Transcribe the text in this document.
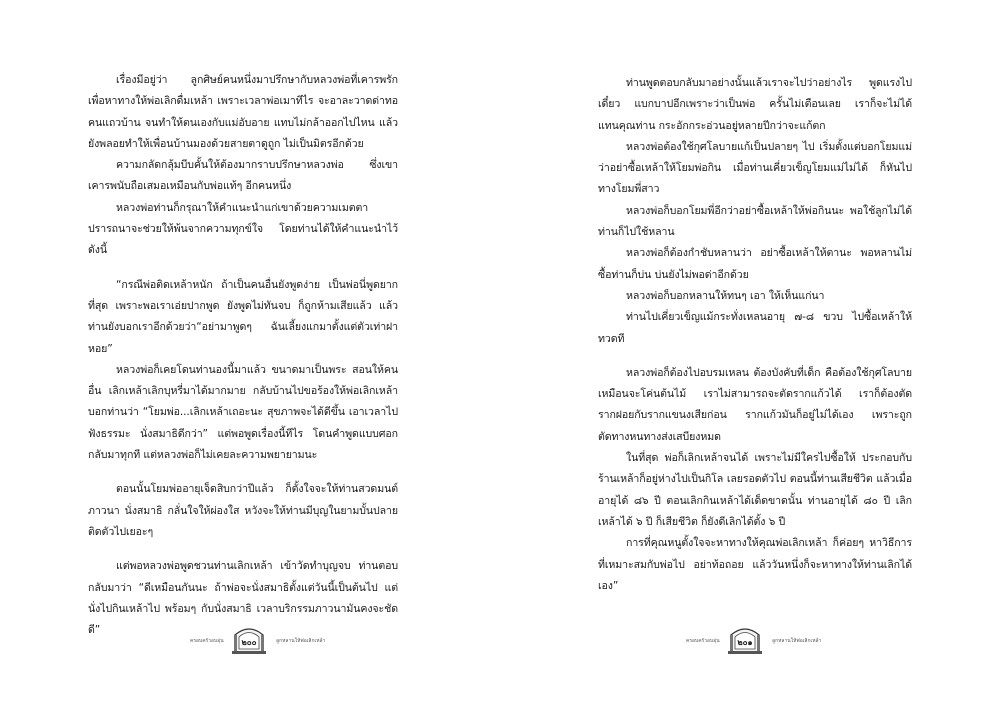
เรื่องมีอยู่ว่า ลูกศิษย์คนหนึ่งมาปรึกษากับหลวงพ่อที่เคารพรัก เพื่อหาทางให้พ่อเลิกดื่มเหล้า เพราะเวลาพ่อเมาทีไร จะอาละวาดด่าทอคนแถวบ้าน จนทำให้ตนเองกับแม่อับอาย แทบไม่กล้าออกไปไหน แล้วยังพลอยทำให้เพื่อนบ้านมองด้วยสายตาดูถูก ไม่เป็นมิตรอีกด้วย

ความกลัดกลุ้มบีบคั้นให้ต้องมากราบปรึกษาหลวงพ่อ ซึ่งเขาเคารพนับถือเสมอเหมือนกับพ่อแท้ๆ อีกคนหนึ่ง

หลวงพ่อท่านก็กรุณาให้คำแนะนำแก่เขาด้วยความเมตตาปรารถนาจะช่วยให้พ้นจากความทุกข์ใจ โดยท่านได้ให้คำแนะนำไว้ดังนี้

“กรณีพ่อติดเหล้าหนัก ถ้าเป็นคนอื่นยังพูดง่าย เป็นพ่อนี่พูดยากที่สุด เพราะพอเราเอ่ยปากพูด ยังพูดไม่ทันจบ ก็ถูกห้ามเสียแล้ว แล้วท่านยังบอกเราอีกด้วยว่า“อย่ามาพูดๆ ฉันเลี้ยงแกมาตั้งแต่ตัวเท่าฝาหอย”

หลวงพ่อก็เคยโดนท่านองนี้มาแล้ว ขนาดมาเป็นพระ สอนให้คนอื่น เลิกเหล้าเลิกบุหรี่มาได้มากมาย กลับบ้านไปขอร้องให้พ่อเลิกเหล้า บอกท่านว่า “โยมพ่อ...เลิกเหล้าเถอะนะ สุขภาพจะได้ดีขึ้น เอาเวลาไปฟังธรรมะ นั่งสมาธิดีกว่า” แต่พอพูดเรื่องนี้ทีไร โดนคำพูดแบบศอกกลับมาทุกที แต่หลวงพ่อก็ไม่เคยละความพยายามนะ

ตอนนั้นโยมพ่ออายุเจ็ดสิบกว่าปีแล้ว ก็ตั้งใจจะให้ท่านสวดมนต์ ภาวนา นั่งสมาธิ กลั่นใจให้ผ่องใส หวังจะให้ท่านมีบุญในยามบั้นปลายติดตัวไปเยอะๆ

แต่พอหลวงพ่อพูดชวนท่านเลิกเหล้า เข้าวัดทำบุญจบ ท่านตอบกลับมาว่า “ดีเหมือนกันนะ ถ้าพ่อจะนั่งสมาธิตั้งแต่วันนี้เป็นต้นไป แต่นั่งไปกินเหล้าไป พร้อมๆ กับนั่งสมาธิ เวลาบริกรรมภาวนามันคงจะชัดดี”

ครอบครัวอบอุ่น	๒๐๐	ลูกหลานให้พ่อเลิกเหล้า

ท่านพูดตอบกลับมาอย่างนั้นแล้วเราจะไปว่าอย่างไร พูดแรงไปเดี๋ยว แบกบาปอีกเพราะว่าเป็นพ่อ ครั้นไม่เตือนเลย เราก็จะไม่ได้แทนคุณท่าน กระอักกระอ่วนอยู่หลายปีกว่าจะแก้ตก

หลวงพ่อต้องใช้กุศโลบายแก้เป็นปลายๆ ไป เริ่มตั้งแต่บอกโยมแม่ว่าอย่าซื้อเหล้าให้โยมพ่อกิน เมื่อท่านเคี่ยวเข็ญโยมแม่ไม่ได้ ก็หันไปทางโยมพี่สาว

หลวงพ่อก็บอกโยมพี่อีกว่าอย่าซื้อเหล้าให้พ่อกินนะ พอใช้ลูกไม่ได้ท่านก็ไปใช้หลาน

หลวงพ่อก็ต้องกำชับหลานว่า อย่าซื้อเหล้าให้ตานะ พอหลานไม่ซื้อท่านก็บ่น บ่นยังไม่พอด่าอีกด้วย

หลวงพ่อก็บอกหลานให้ทนๆ เอา ให้เห็นแก่นา

ท่านไปเคี่ยวเข็ญแม้กระทั่งเหลนอายุ ๗-๘ ขวบ ไปซื้อเหล้าให้ทวดที

หลวงพ่อก็ต้องไปอบรมเหลน ต้องบังคับที่เด็ก คือต้องใช้กุศโลบาย เหมือนจะโค่นต้นไม้ เราไม่สามารถจะตัดรากแก้วได้ เราก็ต้องตัดรากฝอยกับรากแขนงเสียก่อน รากแก้วมันก็อยู่ไม่ได้เอง เพราะถูกตัดทางหนทางส่งเสบียงหมด

ในที่สุด พ่อก็เลิกเหล้าจนได้ เพราะไม่มีใครไปซื้อให้ ประกอบกับร้านเหล้าก็อยู่ห่างไปเป็นกิโล เลยรอดตัวไป ตอนนี้ท่านเสียชีวิต แล้วเมื่ออายุได้ ๘๖ ปี ตอนเลิกกินเหล้าได้เด็ดขาดนั้น ท่านอายุได้ ๘๐ ปี เลิกเหล้าได้ ๖ ปี ก็เสียชีวิต ก็ยังดีเลิกได้ตั้ง ๖ ปี

การที่คุณหนูตั้งใจจะหาทางให้คุณพ่อเลิกเหล้า ก็ค่อยๆ หาวิธีการที่เหมาะสมกับพ่อไป อย่าท้อถอย แล้ววันหนึ่งก็จะหาทางให้ท่านเลิกได้เอง”

ครอบครัวอบอุ่น	๒๐๑	ลูกหลานให้พ่อเลิกเหล้า
